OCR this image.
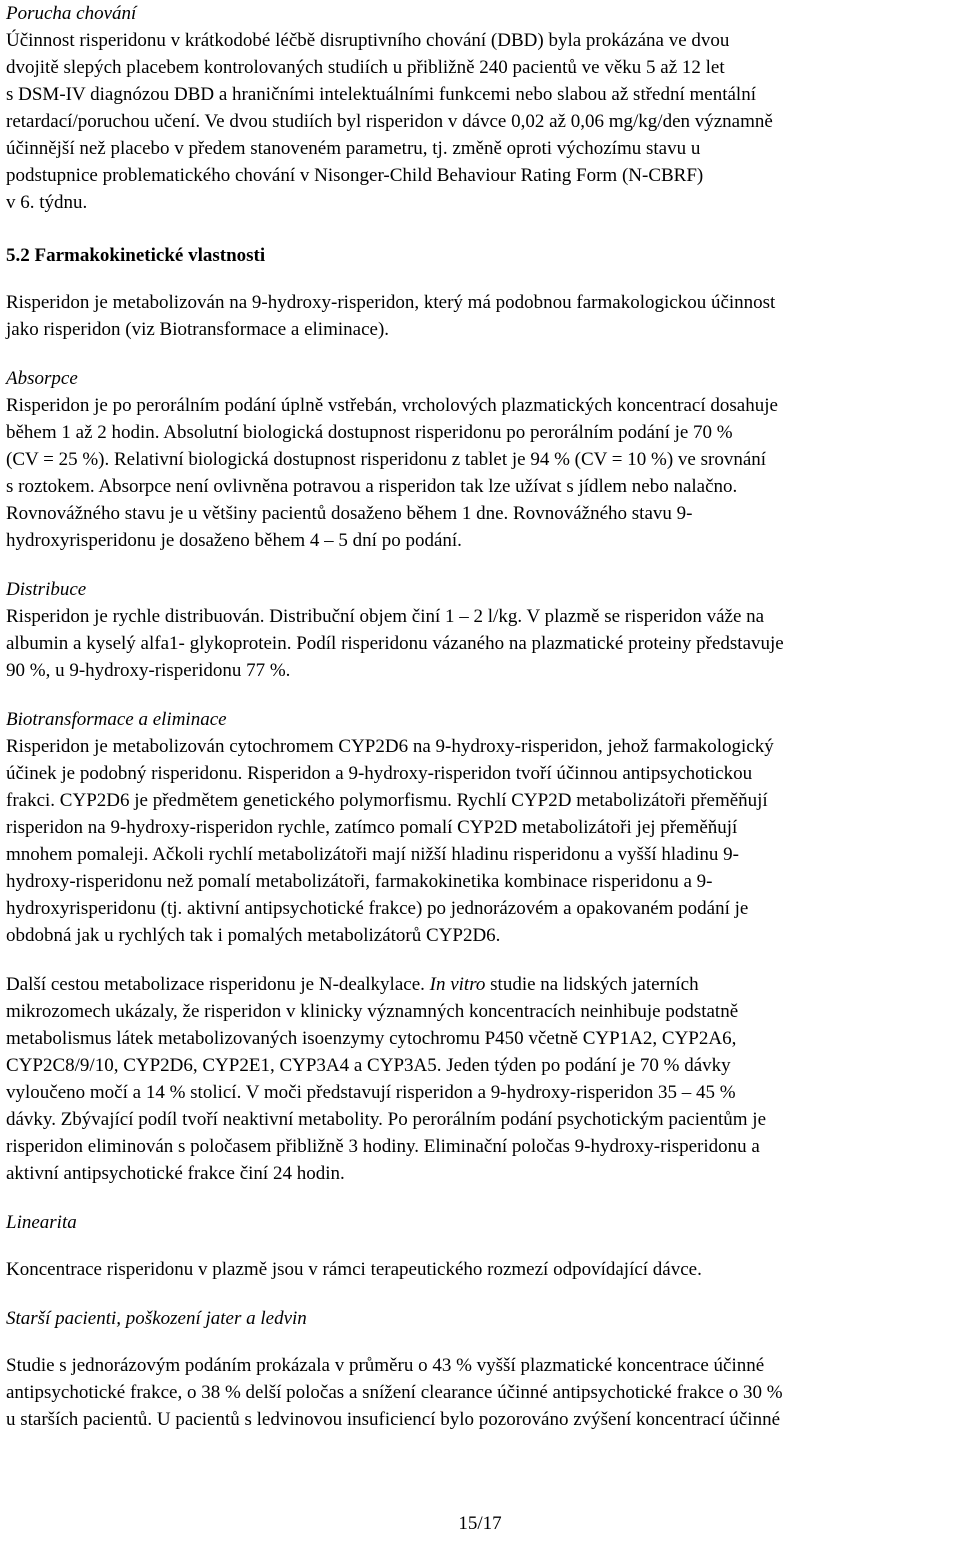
Porucha chování

Účinnost risperidonu v krátkodobé léčbě disruptivního chování (DBD) byla prokázána ve dvou
dvojitě slepých placebem kontrolovaných studiích u přibližně 240 pacientů ve věku 5 až 12 let
s DSM-IV diagnózou DBD a hraničními intelektuálními funkcemi nebo slabou až střední mentální
retardací/poruchou učení. Ve dvou studiích byl risperidon v dávce 0,02 až 0,06 mg/kg/den významně
účinnější než placebo v předem stanoveném parametru, tj. změně oproti výchozímu stavu u
podstupnice problematického chování v Nisonger-Child Behaviour Rating Form (N-CBRF)
v 6. týdnu.

5.2 Farmakokinetické vlastnosti

Risperidon je metabolizován na 9-hydroxy-risperidon, který má podobnou farmakologickou účinnost
jako risperidon (viz Biotransformace a eliminace).

Absorpce

Risperidon je po perorálním podání úplně vstřebán, vrcholových plazmatických koncentrací dosahuje
během 1 až 2 hodin. Absolutní biologická dostupnost risperidonu po perorálním podání je 70 %
(CV = 25 %). Relativní biologická dostupnost risperidonu z tablet je 94 % (CV = 10 %) ve srovnání
s roztokem. Absorpce není ovlivněna potravou a risperidon tak lze užívat s jídlem nebo nalačno.
Rovnovážného stavu je u většiny pacientů dosaženo během 1 dne. Rovnovážného stavu 9-
hydroxyrisperidonu je dosaženo během 4 – 5 dní po podání.

Distribuce

Risperidon je rychle distribuován. Distribuční objem činí 1 – 2 l/kg. V plazmě se risperidon váže na
albumin a kyselý alfa1- glykoprotein. Podíl risperidonu vázaného na plazmatické proteiny představuje
90 %, u 9-hydroxy-risperidonu 77 %.

Biotransformace a eliminace

Risperidon je metabolizován cytochromem CYP2D6 na 9-hydroxy-risperidon, jehož farmakologický
účinek je podobný risperidonu. Risperidon a 9-hydroxy-risperidon tvoří účinnou antipsychotickou
frakci. CYP2D6 je předmětem genetického polymorfismu. Rychlí CYP2D metabolizátoři přeměňují
risperidon na 9-hydroxy-risperidon rychle, zatímco pomalí CYP2D metabolizátoři jej přeměňují
mnohem pomaleji. Ačkoli rychlí metabolizátoři mají nižší hladinu risperidonu a vyšší hladinu 9-
hydroxy-risperidonu než pomalí metabolizátoři, farmakokinetika kombinace risperidonu a 9-
hydroxyrisperidonu (tj. aktivní antipsychotické frakce) po jednorázovém a opakovaném podání je
obdobná jak u rychlých tak i pomalých metabolizátorů CYP2D6.

Další cestou metabolizace risperidonu je N-dealkylace. In vitro studie na lidských jaterních
mikrozomech ukázaly, že risperidon v klinicky významných koncentracích neinhibuje podstatně
metabolismus látek metabolizovaných isoenzymy cytochromu P450 včetně CYP1A2, CYP2A6,
CYP2C8/9/10, CYP2D6, CYP2E1, CYP3A4 a CYP3A5. Jeden týden po podání je 70 % dávky
vyloučeno močí a 14 % stolicí. V moči představují risperidon a 9-hydroxy-risperidon 35 – 45 %
dávky. Zbývající podíl tvoří neaktivní metabolity. Po perorálním podání psychotickým pacientům je
risperidon eliminován s poločasem přibližně 3 hodiny. Eliminační poločas 9-hydroxy-risperidonu a
aktivní antipsychotické frakce činí 24 hodin.

Linearita

Koncentrace risperidonu v plazmě jsou v rámci terapeutického rozmezí odpovídající dávce.

Starší pacienti, poškození jater a ledvin

Studie s jednorázovým podáním prokázala v průměru o 43 % vyšší plazmatické koncentrace účinné
antipsychotické frakce, o 38 % delší poločas a snížení clearance účinné antipsychotické frakce o 30 %
u starších pacientů. U pacientů s ledvinovou insuficiencí bylo pozorováno zvýšení koncentrací účinné

15/17
